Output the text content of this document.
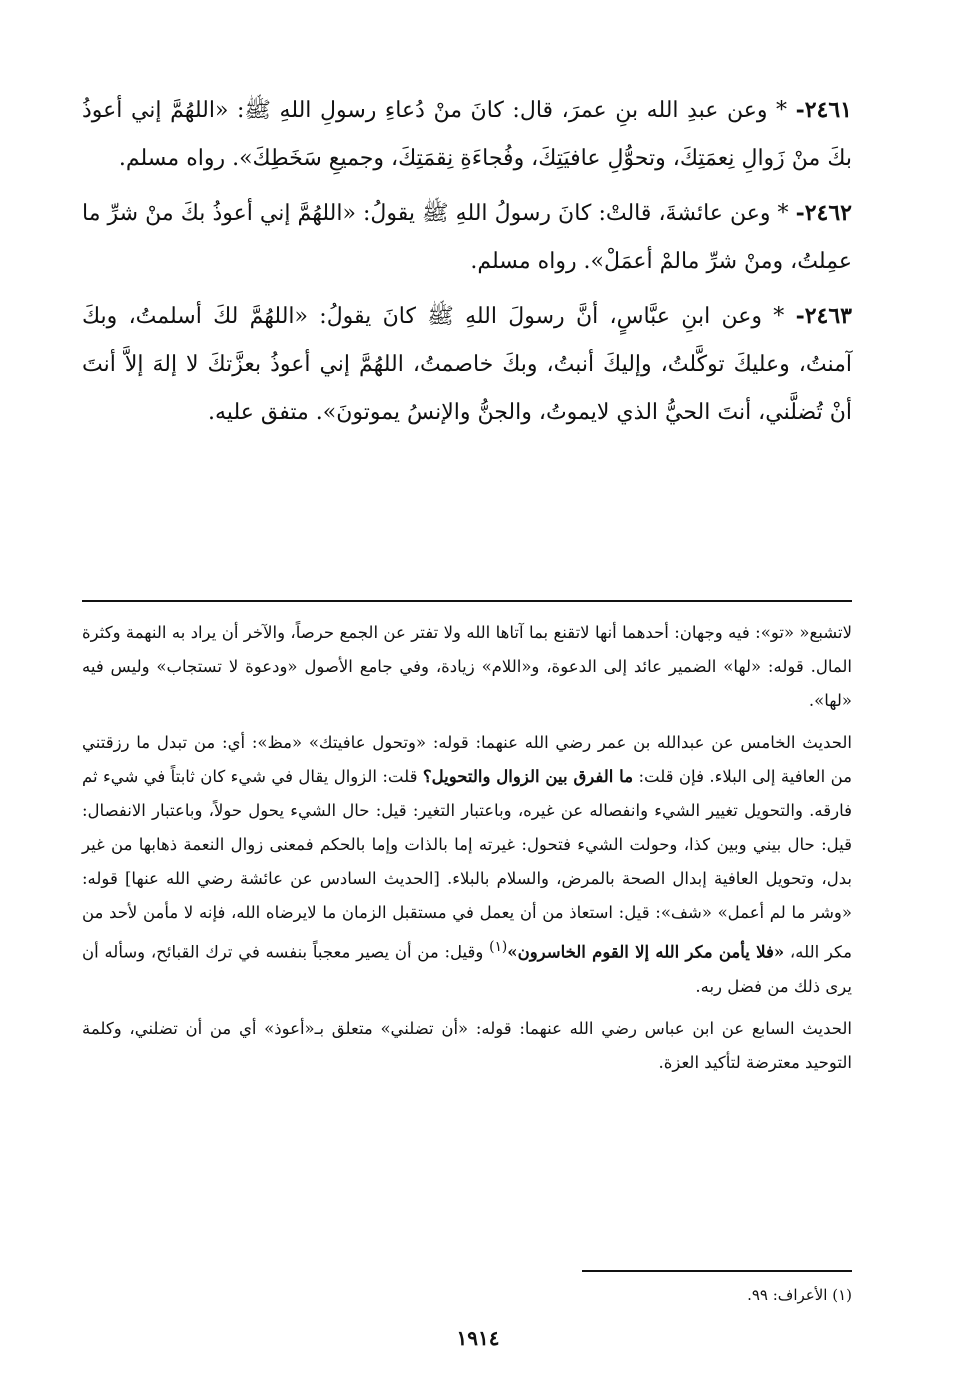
٢٤٦١- * وعن عبدِ الله بنِ عمرَ، قال: كانَ منْ دُعاءِ رسولِ اللهِ ﷺ: «اللهُمَّ إني أعوذُ بكَ منْ زَوالِ نِعمَتِكَ، وتحوُّلِ عافيَتِكَ، وفُجاءَةِ نِقمَتِكَ، وجميعِ سَخَطِكَ». رواه مسلم.

٢٤٦٢- * وعن عائشةَ، قالتْ: كانَ رسولُ اللهِ ﷺ يقولُ: «اللهُمَّ إني أعوذُ بكَ منْ شرِّ ما عمِلتُ، ومنْ شرِّ مالمْ أعمَلْ». رواه مسلم.

٢٤٦٣- * وعن ابنِ عبَّاسٍ، أنَّ رسولَ اللهِ ﷺ كانَ يقولُ: «اللهُمَّ لكَ أسلمتُ، وبكَ آمنتُ، وعليكَ توكَّلتُ، وإليكَ أنبتُ، وبكَ خاصمتُ، اللهُمَّ إني أعوذُ بعزَّتكَ لا إلهَ إلاَّ أنتَ أنْ تُضلَّني، أنتَ الحيُّ الذي لايموتُ، والجنُّ والإنسُ يموتونَ». متفق عليه.

لاتشبع« «تو»: فيه وجهان: أحدهما أنها لاتقنع بما آتاها الله ولا تفتر عن الجمع حرصاً، والآخر أن يراد به النهمة وكثرة المال. قوله: «لها» الضمير عائد إلى الدعوة، و«اللام» زيادة، وفي جامع الأصول «ودعوة لا تستجاب» وليس فيه «لها».

الحديث الخامس عن عبدالله بن عمر رضي الله عنهما: قوله: «وتحول عافيتك» «مظ»: أي: من تبدل ما رزقتني من العافية إلى البلاء. فإن قلت: ما الفرق بين الزوال والتحويل؟ قلت: الزوال يقال في شيء كان ثابتاً في شيء ثم فارقه. والتحويل تغيير الشيء وانفصاله عن غيره، وباعتبار التغير: قيل: حال الشيء يحول حولاً، وباعتبار الانفصال: قيل: حال بيني وبين كذا، وحولت الشيء فتحول: غيرته إما بالذات وإما بالحكم فمعنى زوال النعمة ذهابها من غير بدل، وتحويل العافية إبدال الصحة بالمرض، والسلام بالبلاء. [الحديث السادس عن عائشة رضي الله عنها] قوله: «وشر ما لم أعمل» «شف»: قيل: استعاذ من أن يعمل في مستقبل الزمان ما لايرضاه الله، فإنه لا مأمن لأحد من مكر الله، «فلا يأمن مكر الله إلا القوم الخاسرون»$^{(١)}$ وقيل: من أن يصير معجباً بنفسه في ترك القبائح، وسأله أن يرى ذلك من فضل ربه.

الحديث السابع عن ابن عباس رضي الله عنهما: قوله: «أن تضلني» متعلق بـ«أعوذ» أي من أن تضلني، وكلمة التوحيد معترضة لتأكيد العزة.

(١) الأعراف: ٩٩.
١٩١٤
